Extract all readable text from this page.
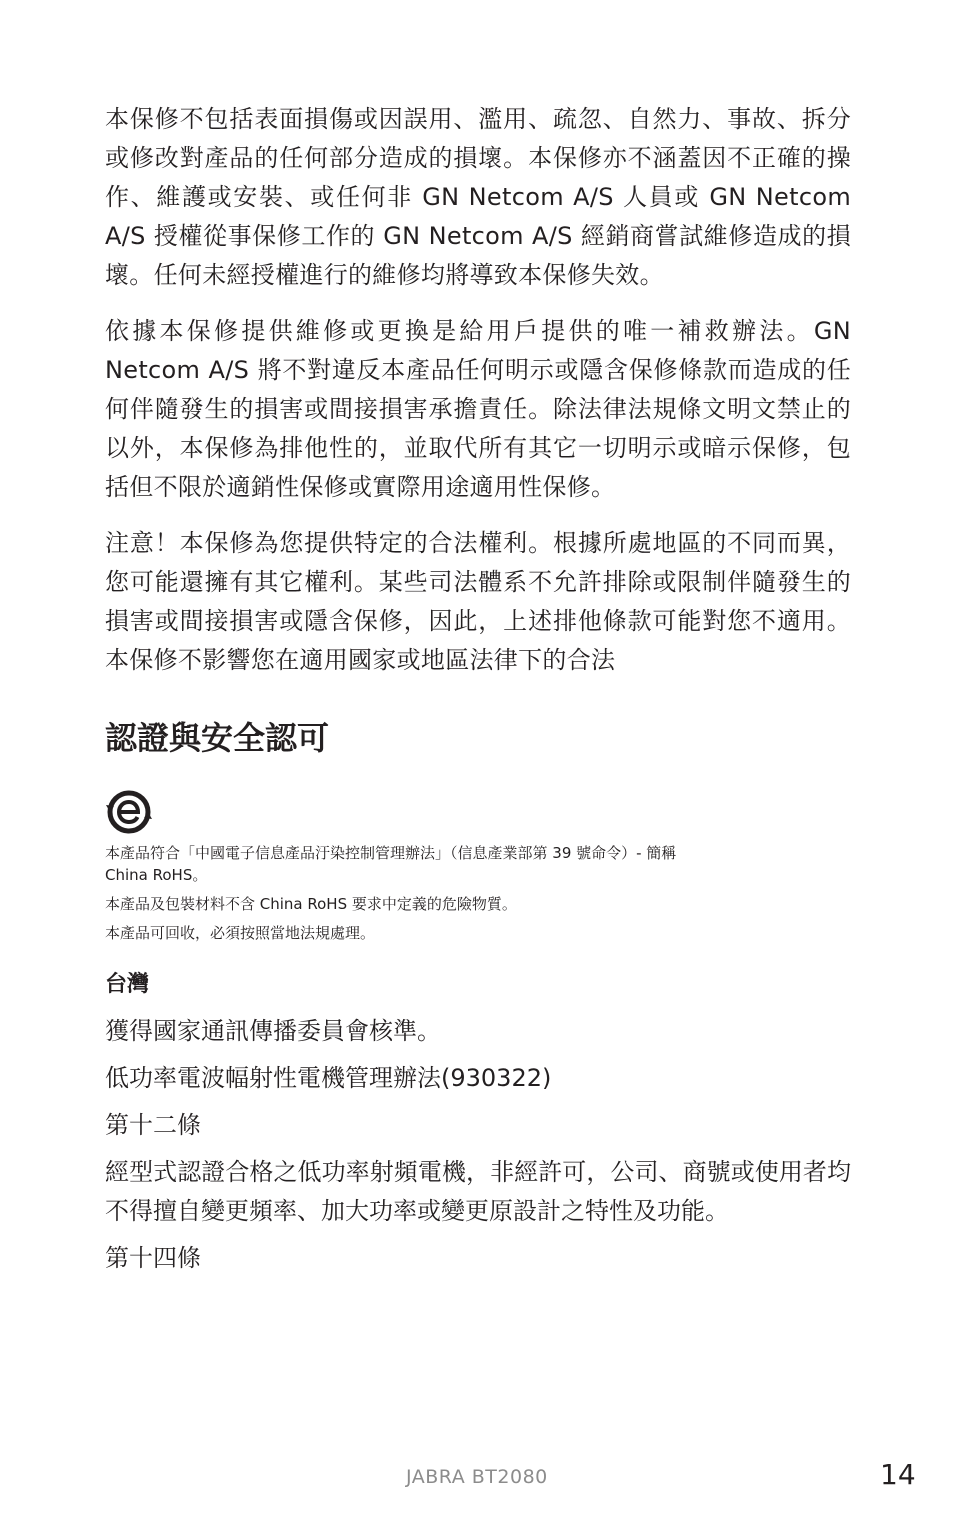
本保修不包括表面損傷或因誤用、濫用、疏忽、自然力、事故、拆分或修改對產品的任何部分造成的損壞。本保修亦不涵蓋因不正確的操作、維護或安裝、或任何非 GN Netcom A/S 人員或 GN Netcom A/S 授權從事保修工作的 GN Netcom A/S 經銷商嘗試維修造成的損壞。任何未經授權進行的維修均將導致本保修失效。

依據本保修提供維修或更換是給用戶提供的唯一補救辦法。GN Netcom A/S 將不對違反本產品任何明示或隱含保修條款而造成的任何伴隨發生的損害或間接損害承擔責任。除法律法規條文明文禁止的以外，本保修為排他性的，並取代所有其它一切明示或暗示保修，包括但不限於適銷性保修或實際用途適用性保修。

注意！本保修為您提供特定的合法權利。根據所處地區的不同而異，您可能還擁有其它權利。某些司法體系不允許排除或限制伴隨發生的損害或間接損害或隱含保修，因此，上述排他條款可能對您不適用。本保修不影響您在適用國家或地區法律下的合法

認證與安全認可

本產品符合「中國電子信息產品汙染控制管理辦法」（信息產業部第 39 號命令）- 簡稱 China RoHS。

本產品及包裝材料不含 China RoHS 要求中定義的危險物質。

本產品可回收，必須按照當地法規處理。

台灣

獲得國家通訊傳播委員會核準。

低功率電波幅射性電機管理辦法(930322)

第十二條

經型式認證合格之低功率射頻電機，非經許可，公司、商號或使用者均不得擅自變更頻率、加大功率或變更原設計之特性及功能。

第十四條

JABRA BT2080	14
